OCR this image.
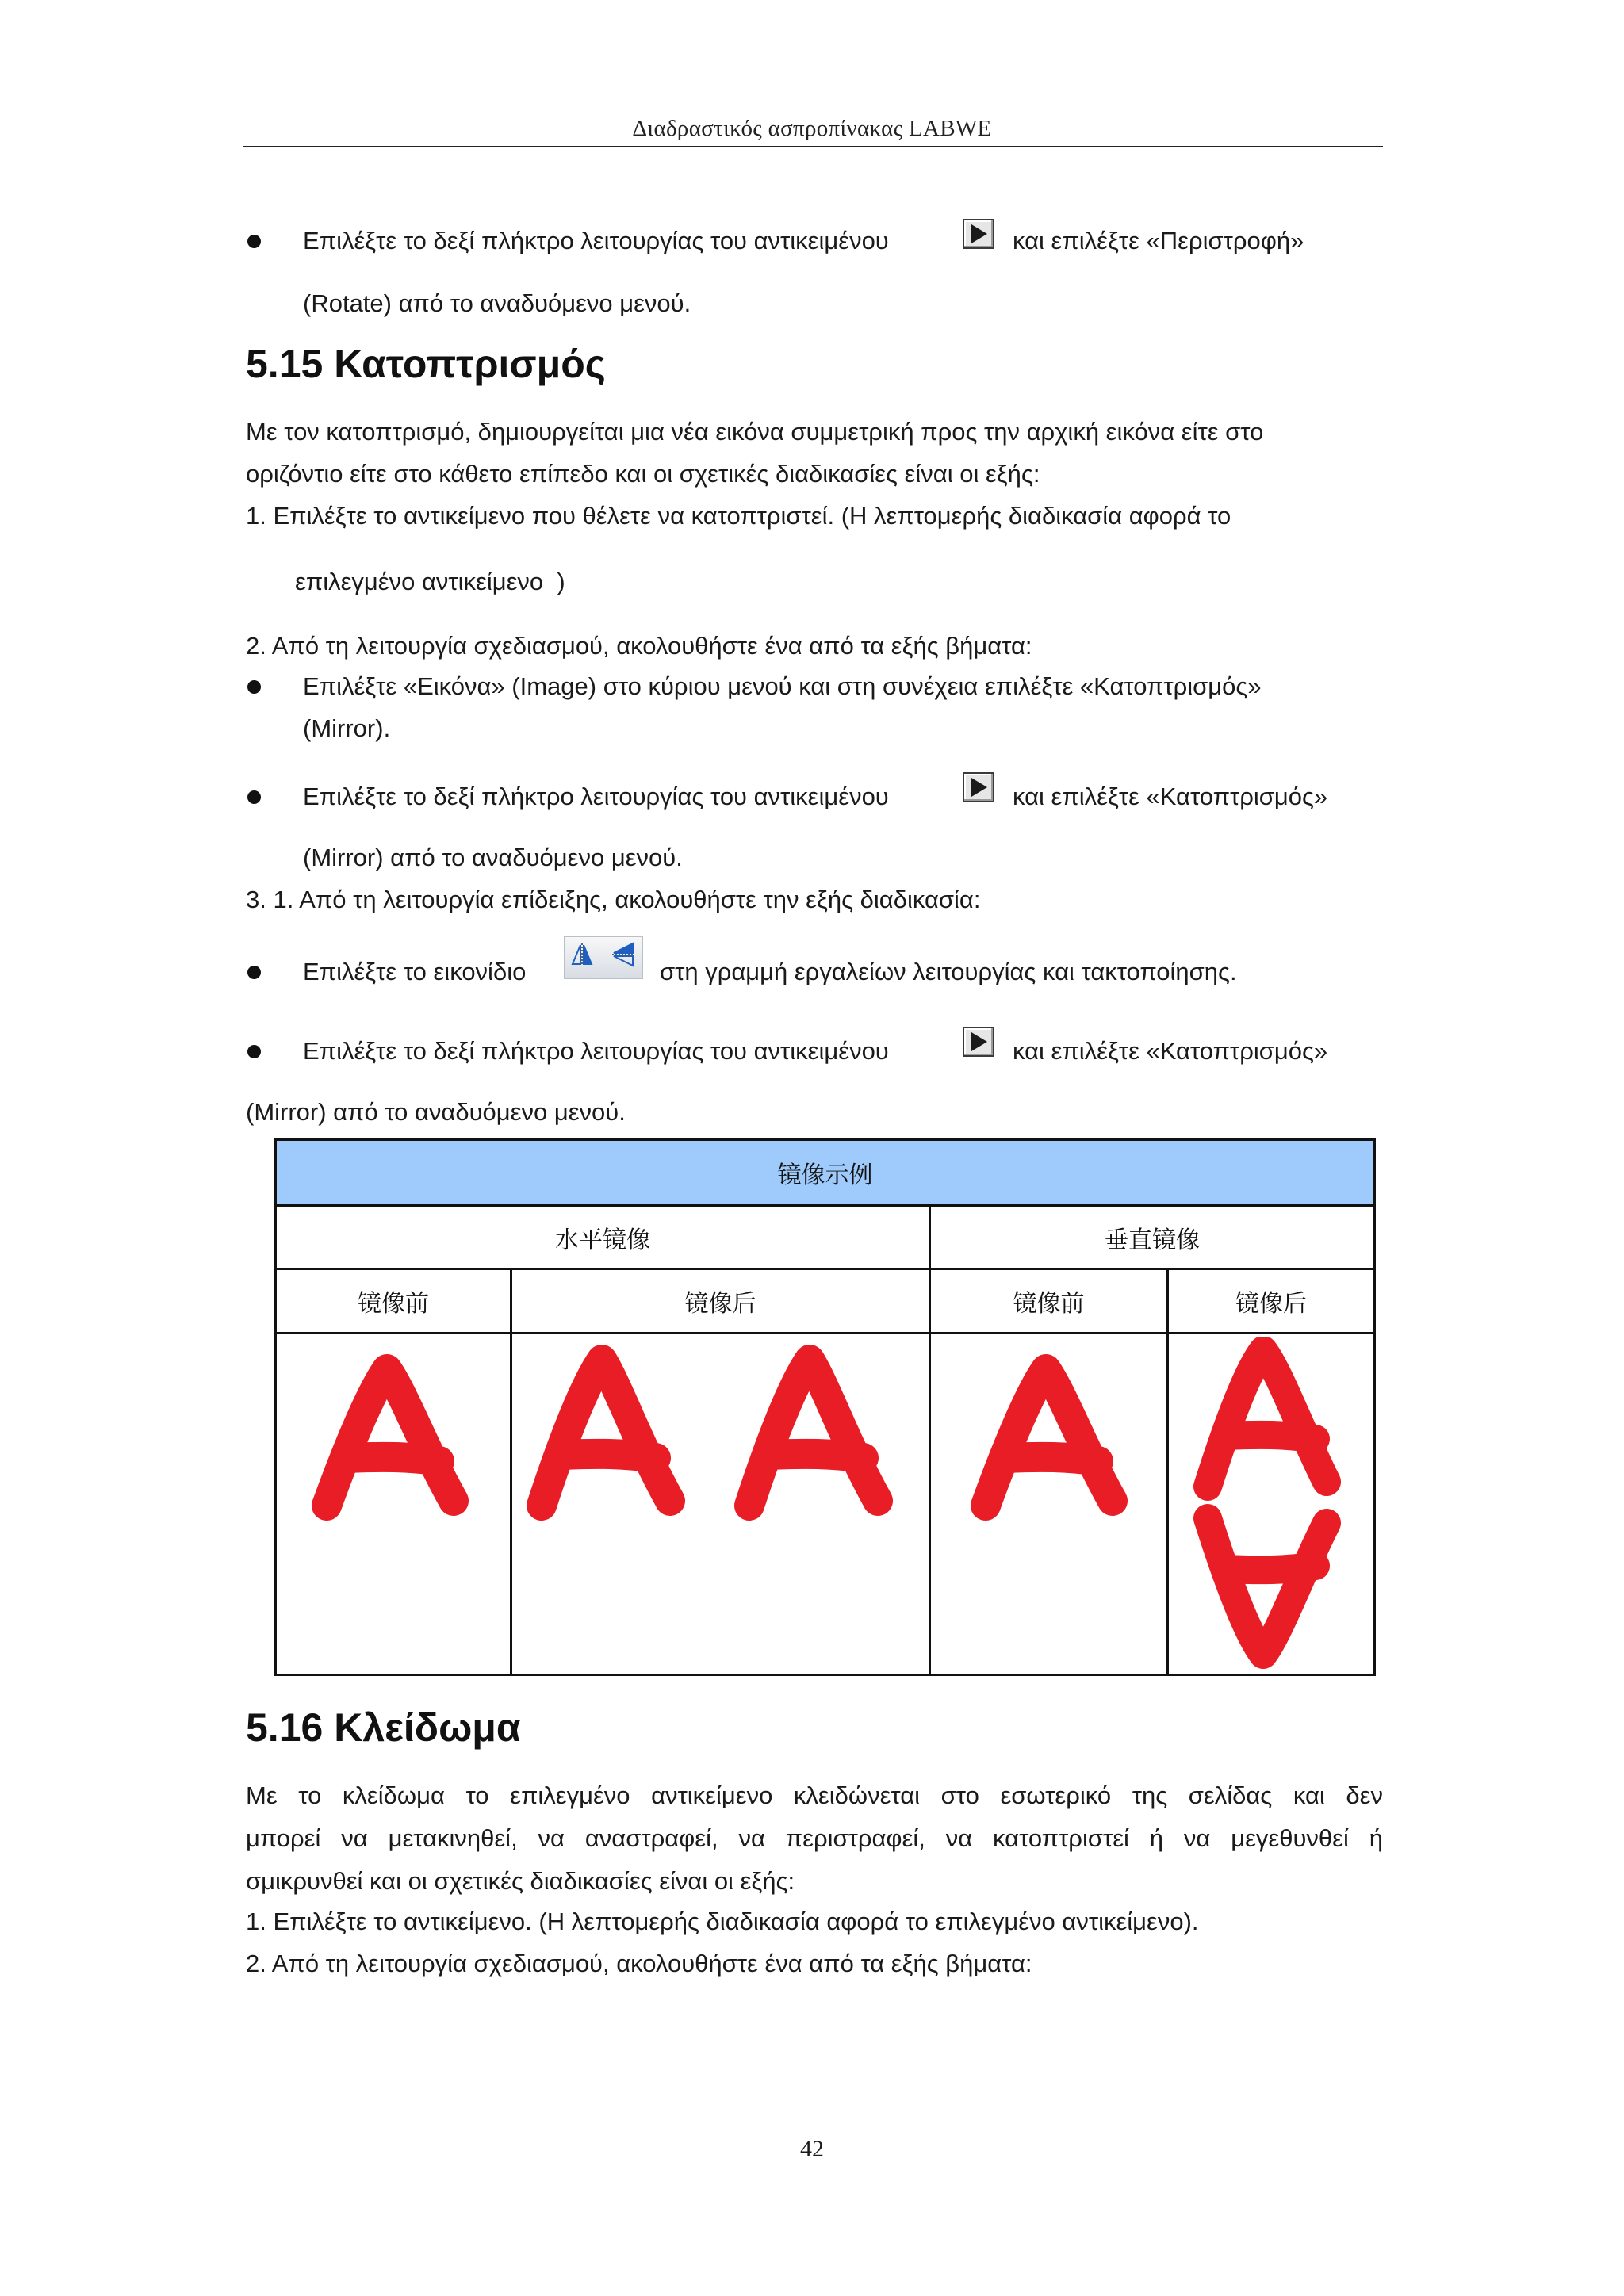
Διαδραστικός ασπροπίνακας LABWE
Επιλέξτε το δεξί πλήκτρο λειτουργίας του αντικειμένου	και επιλέξτε «Περιστροφή»
(Rotate) από το αναδυόμενο μενού.
5.15 Κατοπτρισμός
Με τον κατοπτρισμό, δημιουργείται μια νέα εικόνα συμμετρική προς την αρχική εικόνα είτε στο
οριζόντιο είτε στο κάθετο επίπεδο και οι σχετικές διαδικασίες είναι οι εξής:
1. Επιλέξτε το αντικείμενο που θέλετε να κατοπτριστεί. (Η λεπτομερής διαδικασία αφορά το
επιλεγμένο αντικείμενο  )
2. Από τη λειτουργία σχεδιασμού, ακολουθήστε ένα από τα εξής βήματα:
Επιλέξτε «Εικόνα» (Image) στο κύριου μενού και στη συνέχεια επιλέξτε «Κατοπτρισμός»
(Mirror).
Επιλέξτε το δεξί πλήκτρο λειτουργίας του αντικειμένου	και επιλέξτε «Κατοπτρισμός»
(Mirror) από το αναδυόμενο μενού.
3. 1. Από τη λειτουργία επίδειξης, ακολουθήστε την εξής διαδικασία:
Επιλέξτε το εικονίδιο	στη γραμμή εργαλείων λειτουργίας και τακτοποίησης.
Επιλέξτε το δεξί πλήκτρο λειτουργίας του αντικειμένου	και επιλέξτε «Κατοπτρισμός»
(Mirror) από το αναδυόμενο μενού.
镜像示例			
水平镜像		垂直镜像	
镜像前	镜像后	镜像前	镜像后

5.16 Κλείδωμα
Με το κλείδωμα το επιλεγμένο αντικείμενο κλειδώνεται στο εσωτερικό της σελίδας και δεν
μπορεί να μετακινηθεί, να αναστραφεί, να περιστραφεί, να κατοπτριστεί ή να μεγεθυνθεί ή
σμικρυνθεί και οι σχετικές διαδικασίες είναι οι εξής:
1. Επιλέξτε το αντικείμενο. (Η λεπτομερής διαδικασία αφορά το επιλεγμένο αντικείμενο).
2. Από τη λειτουργία σχεδιασμού, ακολουθήστε ένα από τα εξής βήματα:
42
